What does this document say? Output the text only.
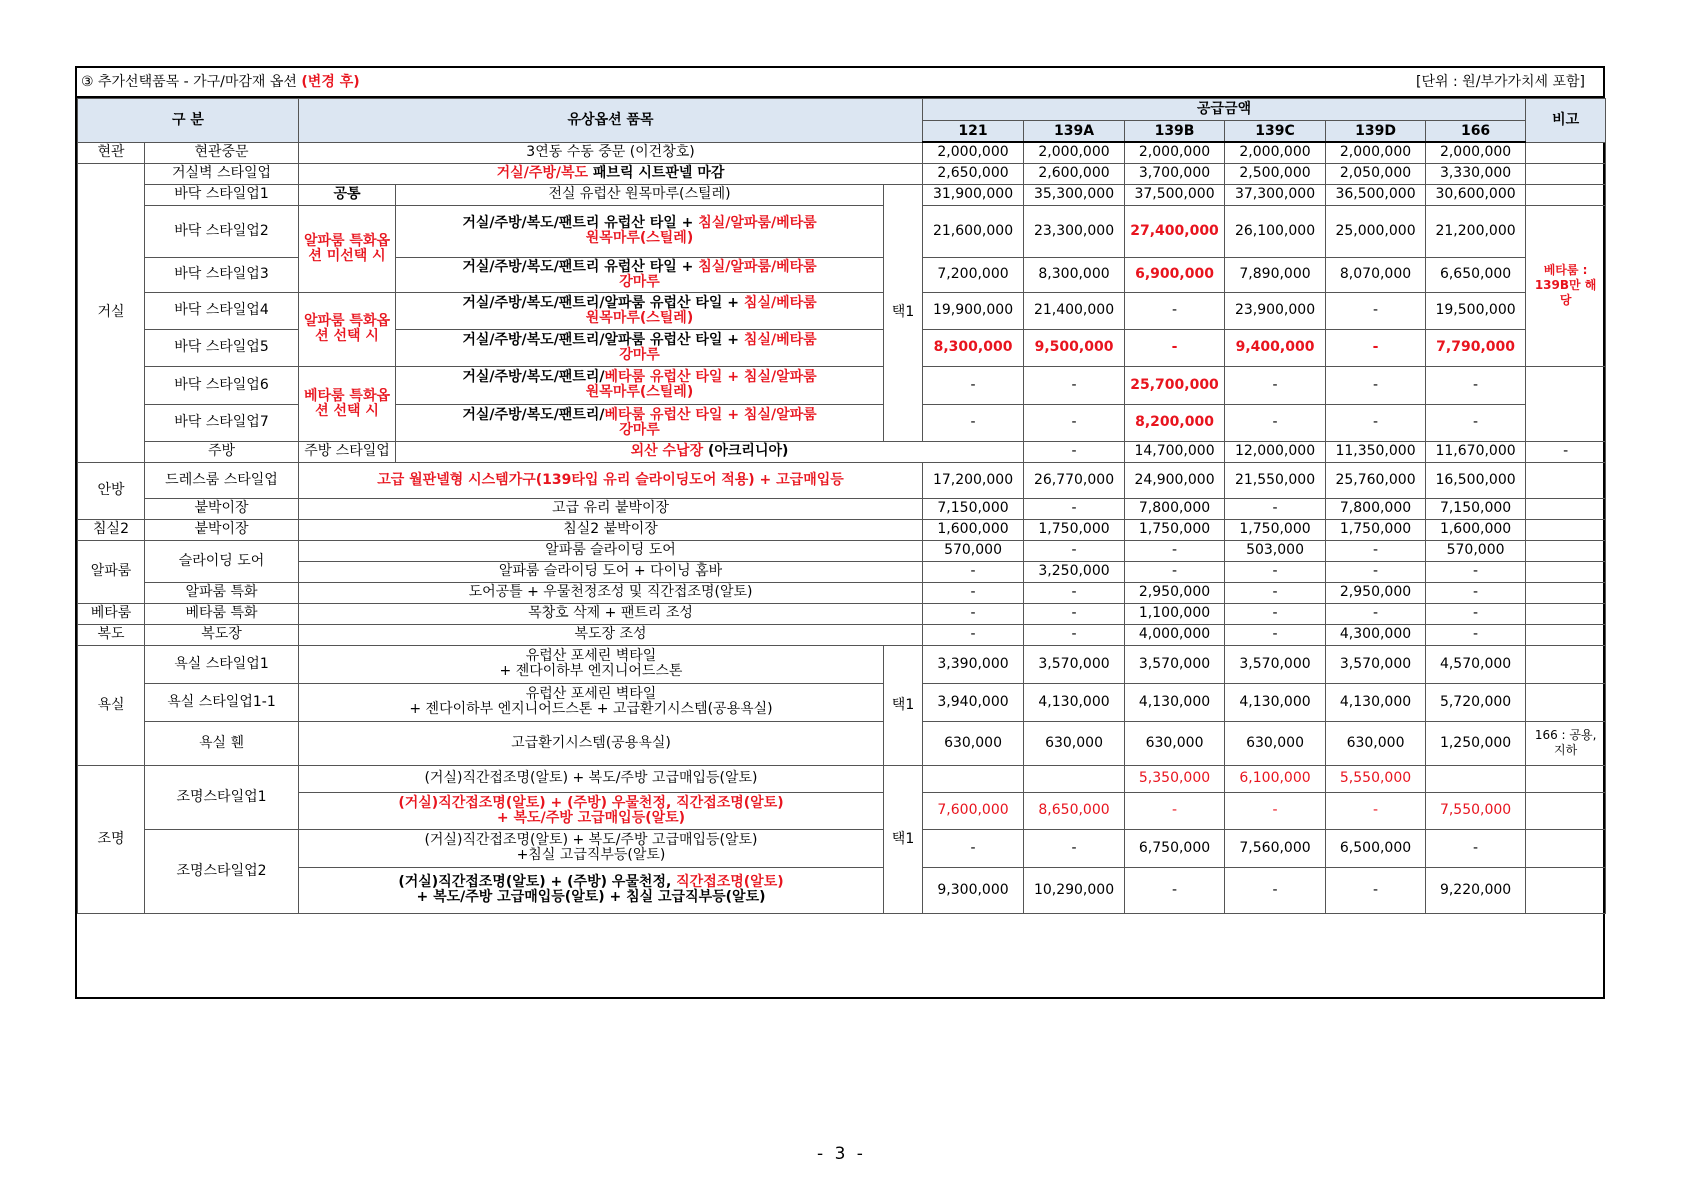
③ 추가선택품목 - 가구/마감재 옵션 (변경 후)	[단위 : 원/부가가치세 포함]
구 분		유상옵션 품목			공급금액						비고	
					121	139A	139B	139C	139D	166		
현관	현관중문	3연동 수동 중문 (이건창호)			2,000,000	2,000,000	2,000,000	2,000,000	2,000,000	2,000,000		
거실	거실벽 스타일업	거실/주방/복도 패브릭 시트판넬 마감			2,650,000	2,600,000	3,700,000	2,500,000	2,050,000	3,330,000		
	바닥 스타일업1	공통	전실 유럽산 원목마루(스틸레)	택1	31,900,000	35,300,000	37,500,000	37,300,000	36,500,000	30,600,000		
	바닥 스타일업2	알파룸 특화옵션 미선택 시	거실/주방/복도/팬트리 유럽산 타일 + 침실/알파룸/베타룸
원목마루(스틸레)		21,600,000	23,300,000	27,400,000	26,100,000	25,000,000	21,200,000	베타룸 : 139B만 해당	
	바닥 스타일업3		거실/주방/복도/팬트리 유럽산 타일 + 침실/알파룸/베타룸
강마루		7,200,000	8,300,000	6,900,000	7,890,000	8,070,000	6,650,000		
	바닥 스타일업4	알파룸 특화옵션 선택 시	거실/주방/복도/팬트리/알파룸 유럽산 타일 + 침실/베타룸
원목마루(스틸레)		19,900,000	21,400,000	-	23,900,000	-	19,500,000		
	바닥 스타일업5		거실/주방/복도/팬트리/알파룸 유럽산 타일 + 침실/베타룸
강마루		8,300,000	9,500,000	-	9,400,000	-	7,790,000		
	바닥 스타일업6	베타룸 특화옵션 선택 시	거실/주방/복도/팬트리/베타룸 유럽산 타일 + 침실/알파룸
원목마루(스틸레)		-	-	25,700,000	-	-	-		
	바닥 스타일업7		거실/주방/복도/팬트리/베타룸 유럽산 타일 + 침실/알파룸
강마루		-	-	8,200,000	-	-	-		
	주방	주방 스타일업	외산 수납장 (아크리니아)			-	14,700,000	12,000,000	11,350,000	11,670,000	-	
안방	드레스룸 스타일업	고급 월판넬형 시스템가구(139타입 유리 슬라이딩도어 적용) + 고급매입등			17,200,000	26,770,000	24,900,000	21,550,000	25,760,000	16,500,000		
	붙박이장	고급 유리 붙박이장			7,150,000	-	7,800,000	-	7,800,000	7,150,000		
침실2	붙박이장	침실2 붙박이장			1,600,000	1,750,000	1,750,000	1,750,000	1,750,000	1,600,000		
알파룸	슬라이딩 도어	알파룸 슬라이딩 도어			570,000	-	-	503,000	-	570,000		
		알파룸 슬라이딩 도어 + 다이닝 홈바			-	3,250,000	-	-	-	-		
	알파룸 특화	도어공틀 + 우물천정조성 및 직간접조명(알토)			-	-	2,950,000	-	2,950,000	-		
베타룸	베타룸 특화	목창호 삭제 + 팬트리 조성			-	-	1,100,000	-	-	-		
복도	복도장	복도장 조성			-	-	4,000,000	-	4,300,000	-		
욕실	욕실 스타일업1	유럽산 포세린 벽타일
+ 젠다이하부 엔지니어드스톤		택1	3,390,000	3,570,000	3,570,000	3,570,000	3,570,000	4,570,000		
	욕실 스타일업1-1	유럽산 포세린 벽타일
+ 젠다이하부 엔지니어드스톤 + 고급환기시스템(공용욕실)			3,940,000	4,130,000	4,130,000	4,130,000	4,130,000	5,720,000		
	욕실 휀	고급환기시스템(공용욕실)			630,000	630,000	630,000	630,000	630,000	1,250,000	166 : 공용,지하	
조명	조명스타일업1	(거실)직간접조명(알토) + 복도/주방 고급매입등(알토)		택1			5,350,000	6,100,000	5,550,000			
		(거실)직간접조명(알토) + (주방) 우물천정, 직간접조명(알토)
+ 복도/주방 고급매입등(알토)			7,600,000	8,650,000	-	-	-	7,550,000		
	조명스타일업2	(거실)직간접조명(알토) + 복도/주방 고급매입등(알토)
+침실 고급직부등(알토)			-	-	6,750,000	7,560,000	6,500,000	-		
		(거실)직간접조명(알토) + (주방) 우물천정, 직간접조명(알토)
+ 복도/주방 고급매입등(알토) + 침실 고급직부등(알토)			9,300,000	10,290,000	-	-	-	9,220,000		
- 3 -
